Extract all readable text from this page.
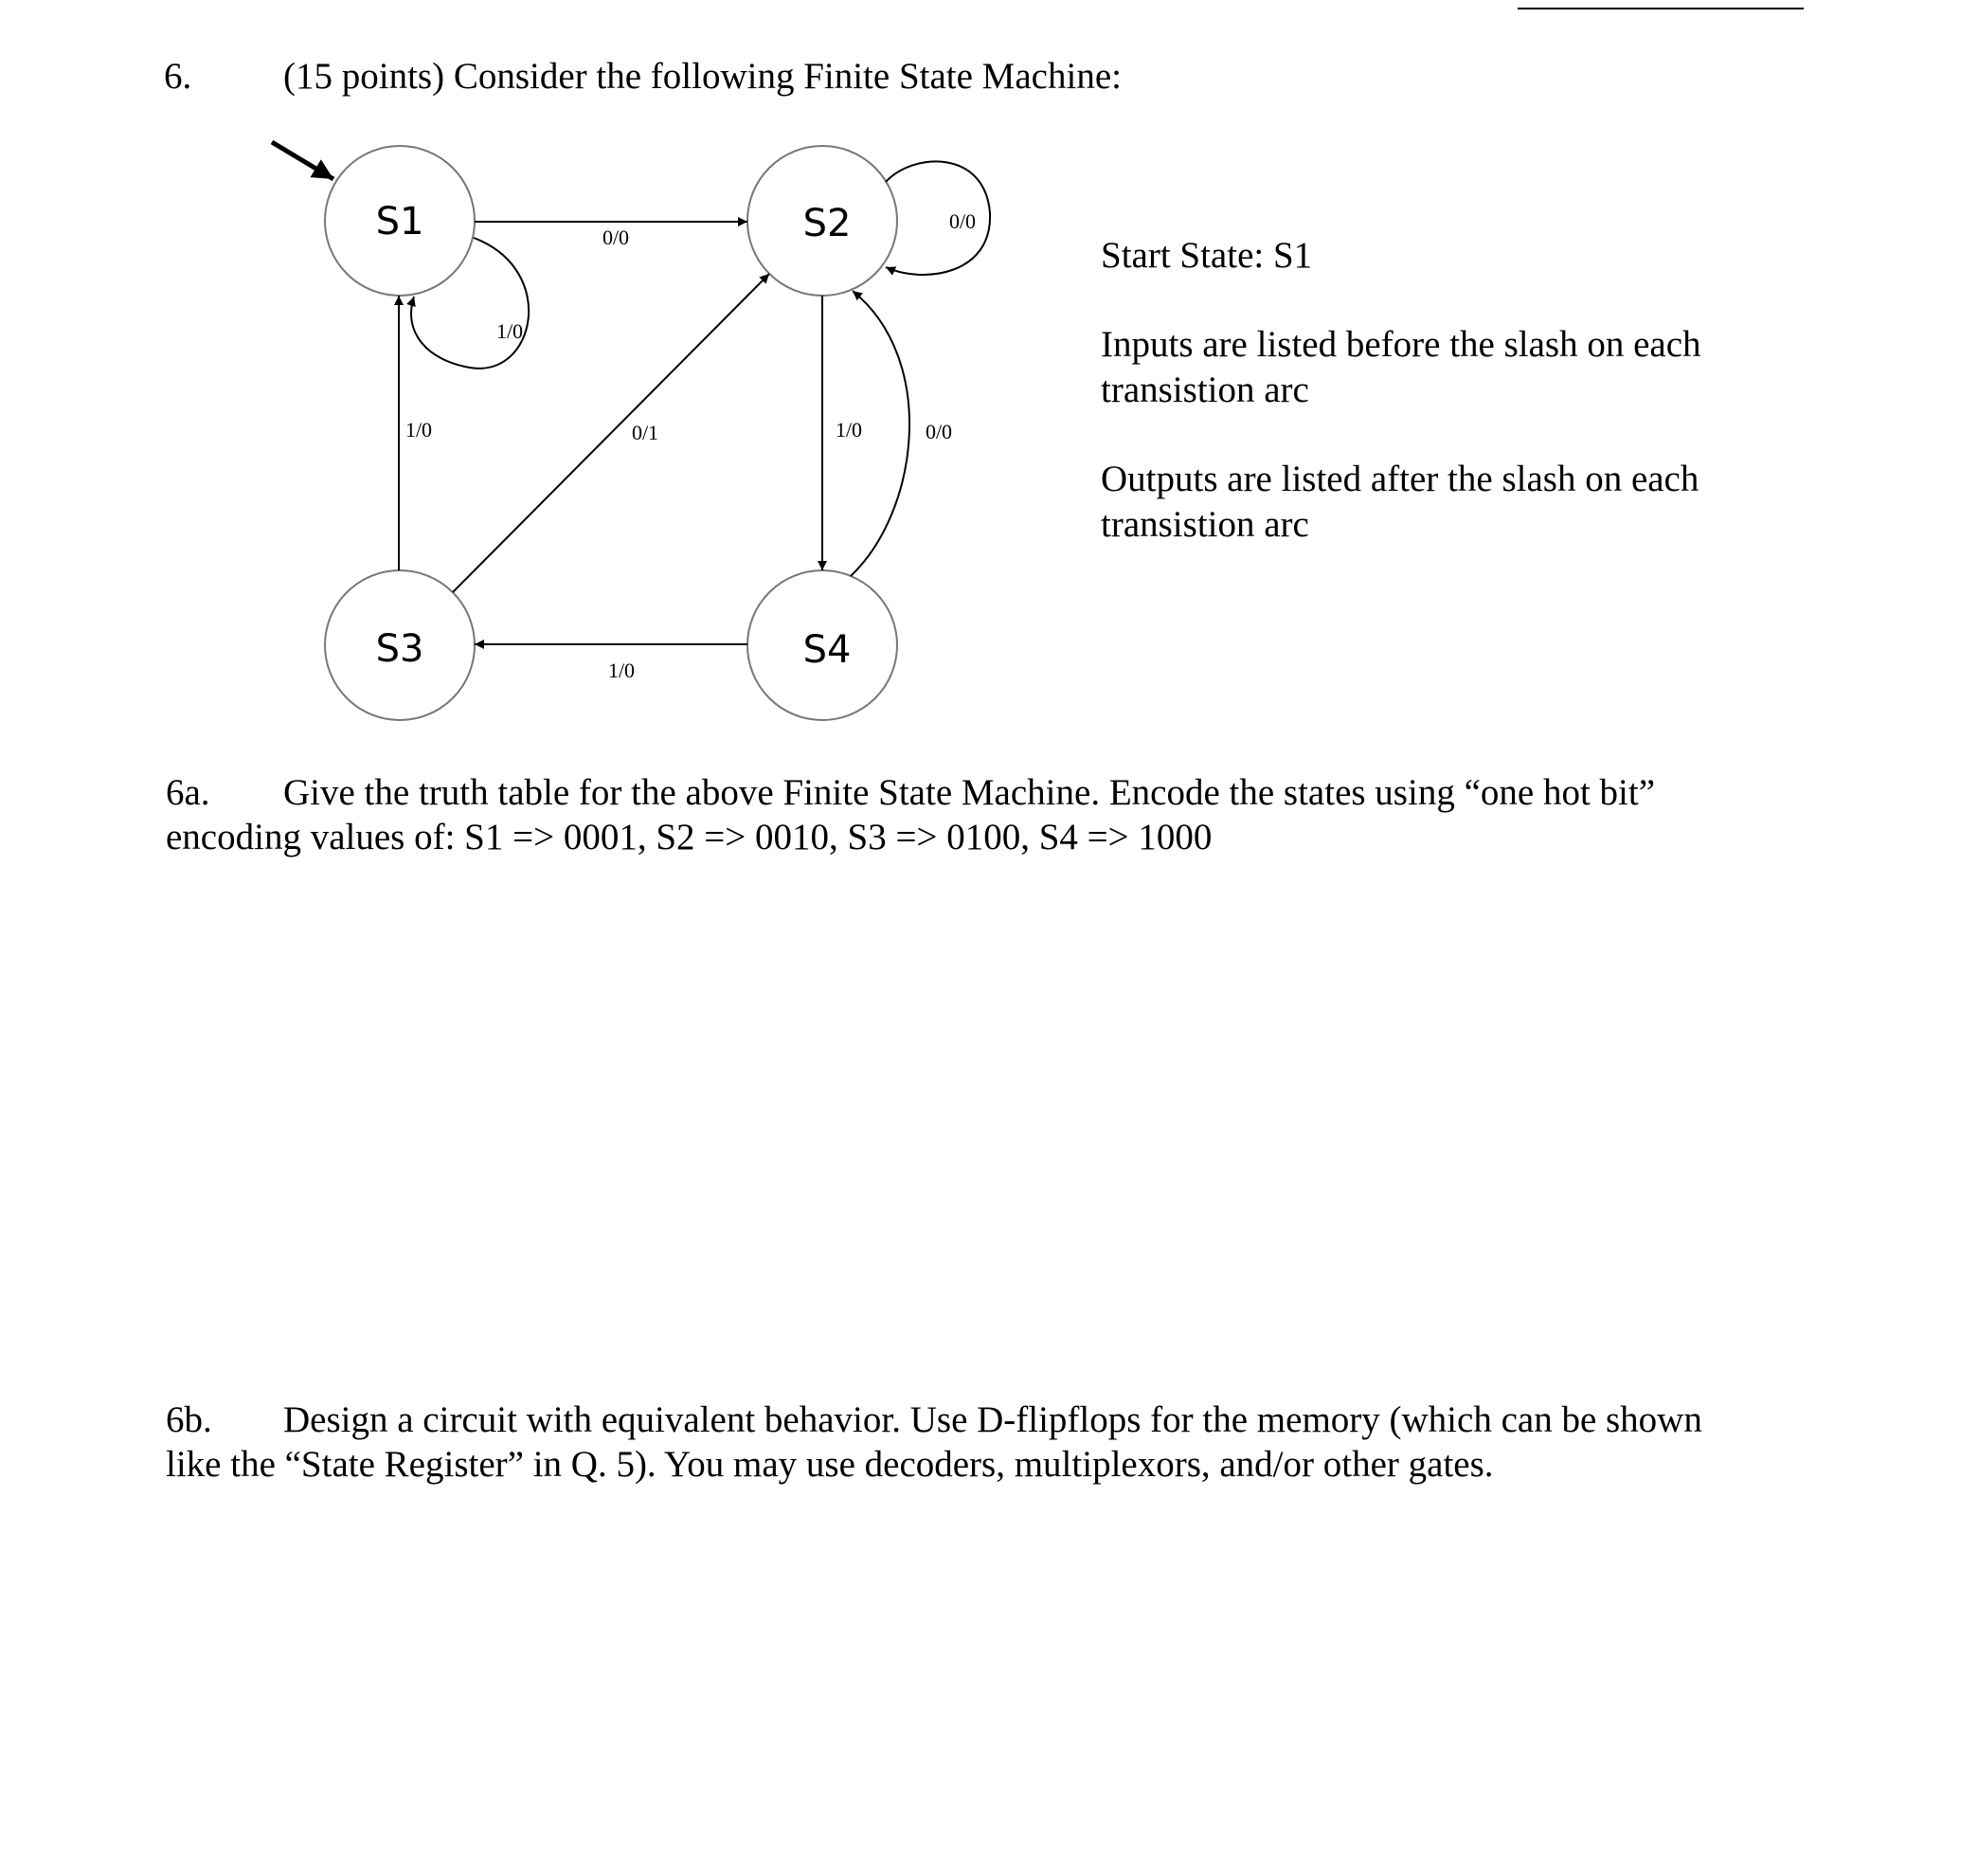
6. (15 points) Consider the following Finite State Machine:
S1	S2
S3	S4
0/0
1/0
0/0
1/0	0/1	1/0	0/0
1/0
Start State: S1
Inputs are listed before the slash on each transistion arc
Outputs are listed after the slash on each transistion arc
6a. Give the truth table for the above Finite State Machine. Encode the states using “one hot bit”
encoding values of: S1 => 0001, S2 => 0010, S3 => 0100, S4 => 1000
6b. Design a circuit with equivalent behavior. Use D-flipflops for the memory (which can be shown
like the “State Register” in Q. 5). You may use decoders, multiplexors, and/or other gates.
